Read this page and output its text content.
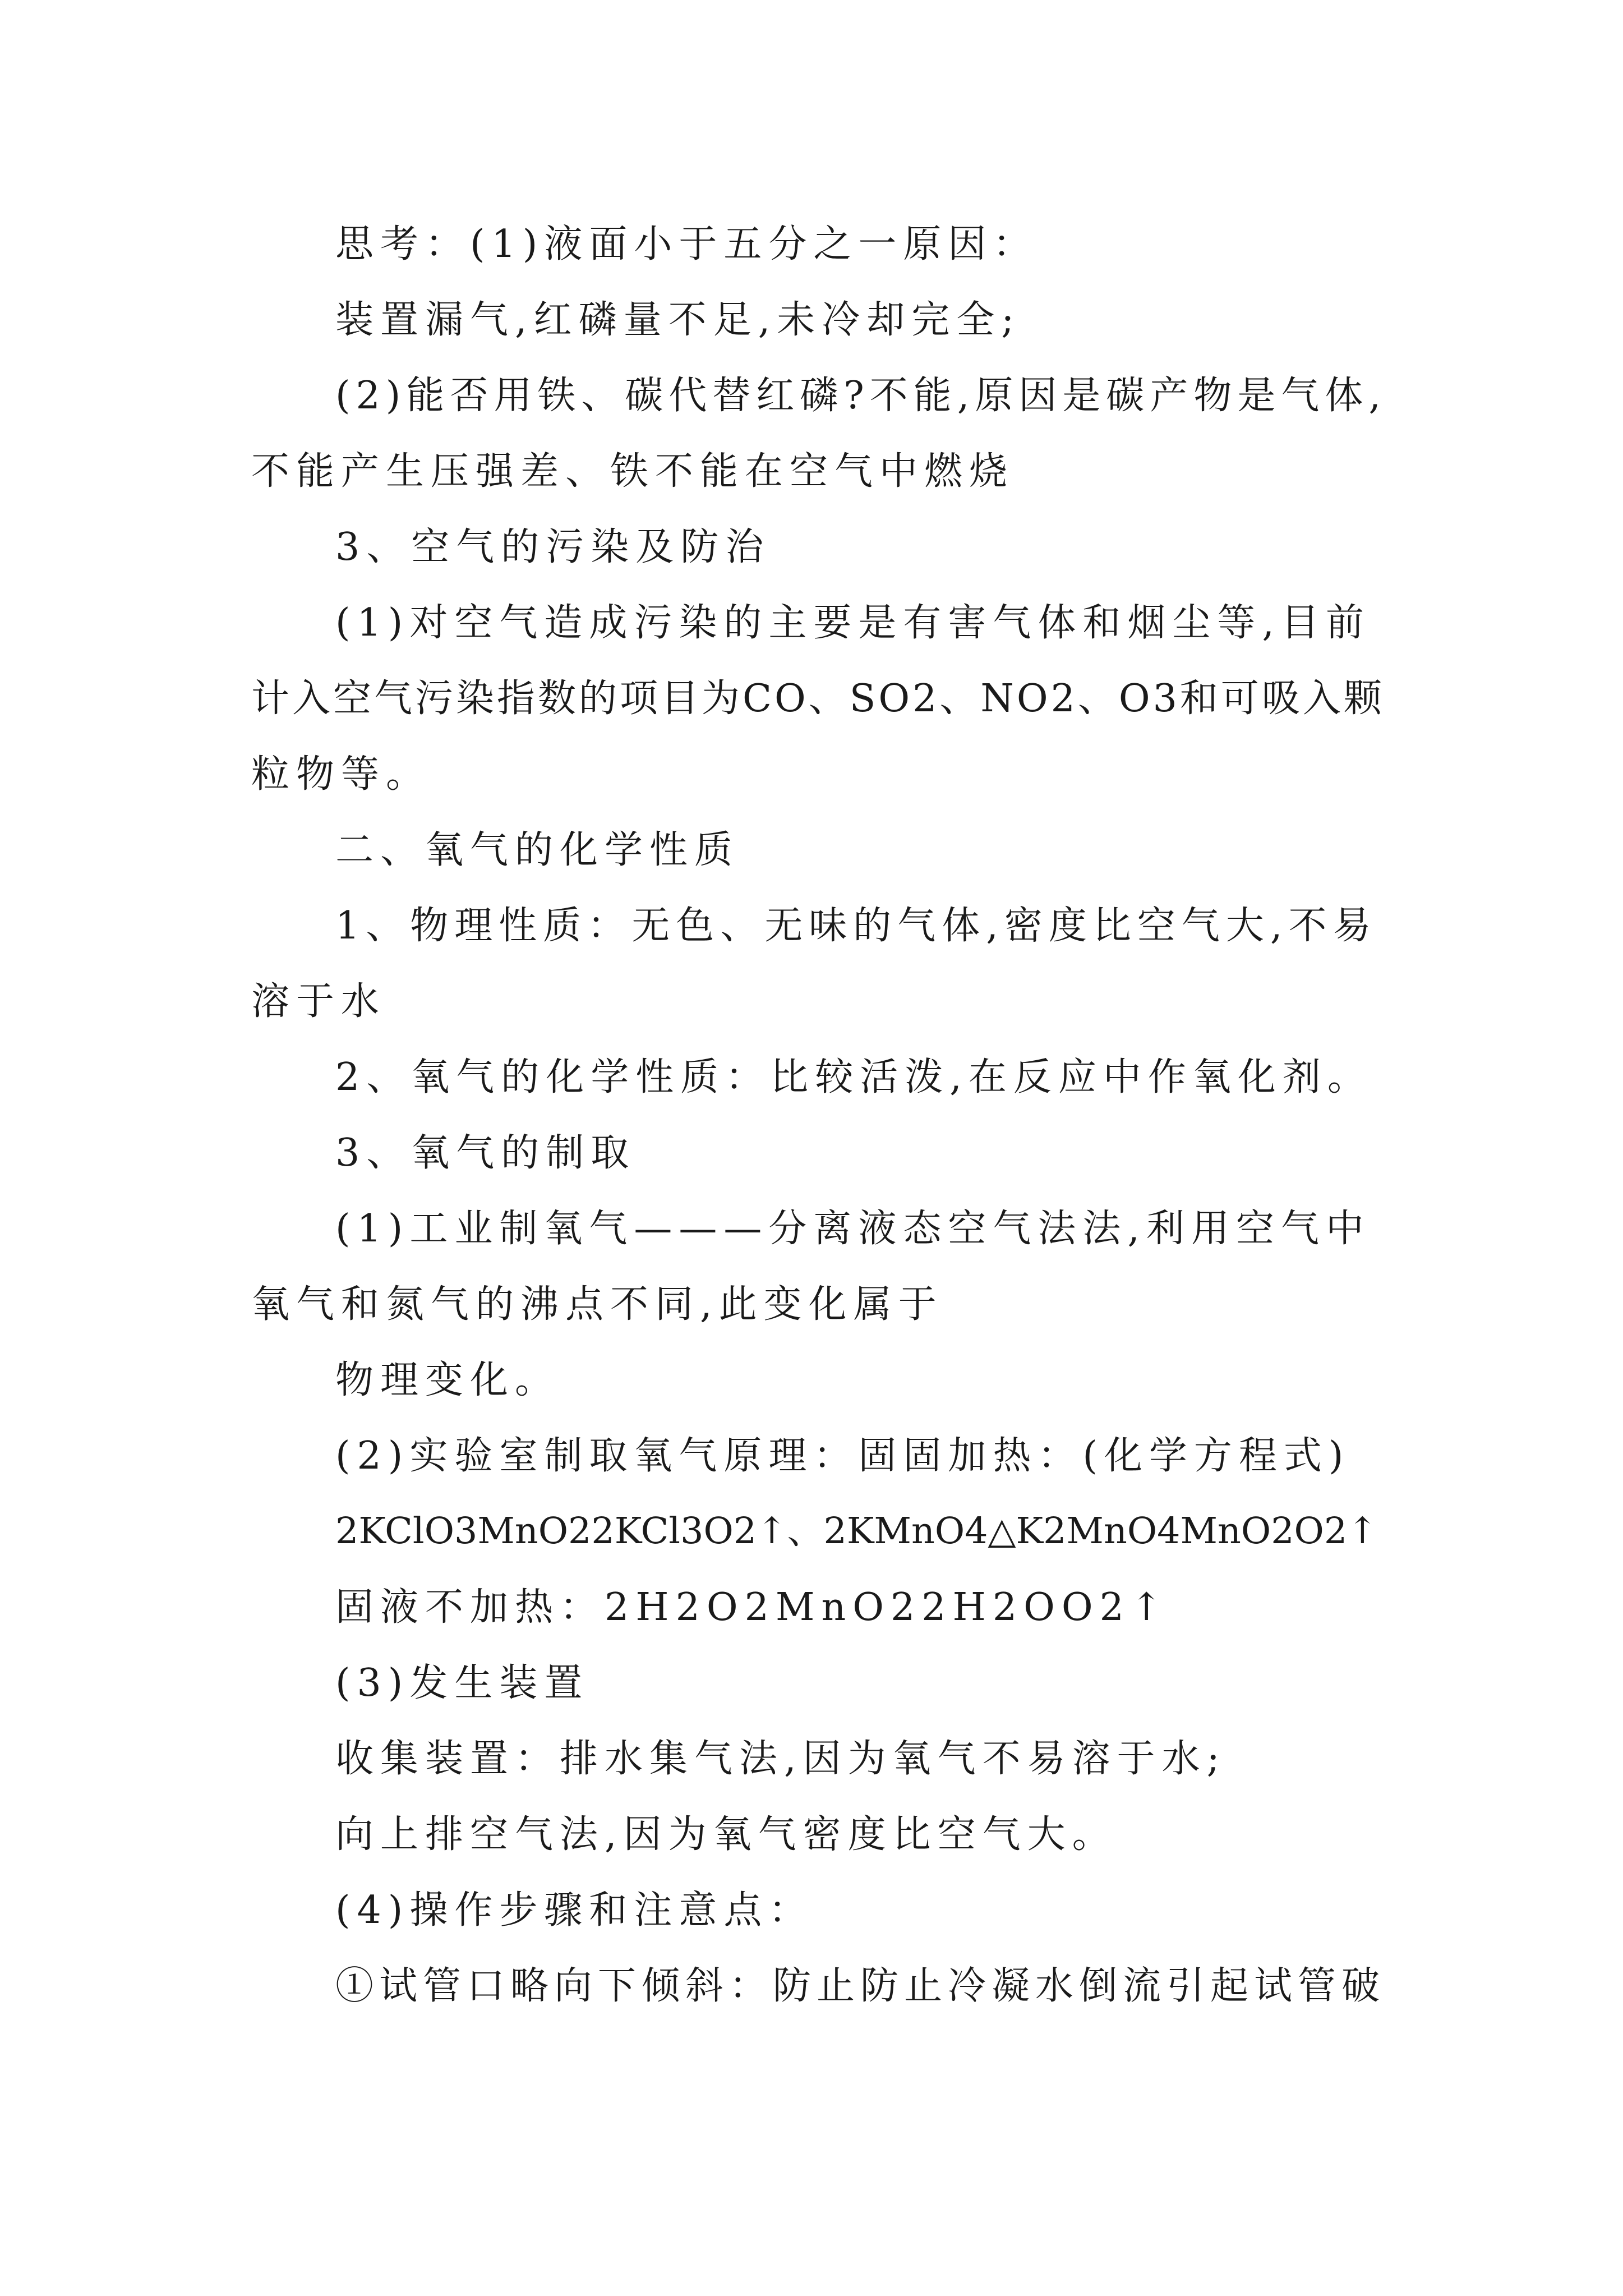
思考：(1)液面小于五分之一原因：

装置漏气,红磷量不足,未冷却完全;

(2)能否用铁、碳代替红磷?不能,原因是碳产物是气体,

不能产生压强差、铁不能在空气中燃烧

3、空气的污染及防治

(1)对空气造成污染的主要是有害气体和烟尘等,目前

计入空气污染指数的项目为CO、SO2、NO2、O3和可吸入颗

粒物等。

二、氧气的化学性质

1、物理性质：无色、无味的气体,密度比空气大,不易

溶于水

2、氧气的化学性质：比较活泼,在反应中作氧化剂。

3、氧气的制取

(1)工业制氧气———分离液态空气法法,利用空气中

氧气和氮气的沸点不同,此变化属于

物理变化。

(2)实验室制取氧气原理：固固加热：(化学方程式)

2KClO3MnO22KCl3O2↑、2KMnO4△K2MnO4MnO2O2↑

固液不加热：2H2O2MnO22H2OO2↑

(3)发生装置

收集装置：排水集气法,因为氧气不易溶于水;

向上排空气法,因为氧气密度比空气大。

(4)操作步骤和注意点：

①试管口略向下倾斜：防止防止冷凝水倒流引起试管破
